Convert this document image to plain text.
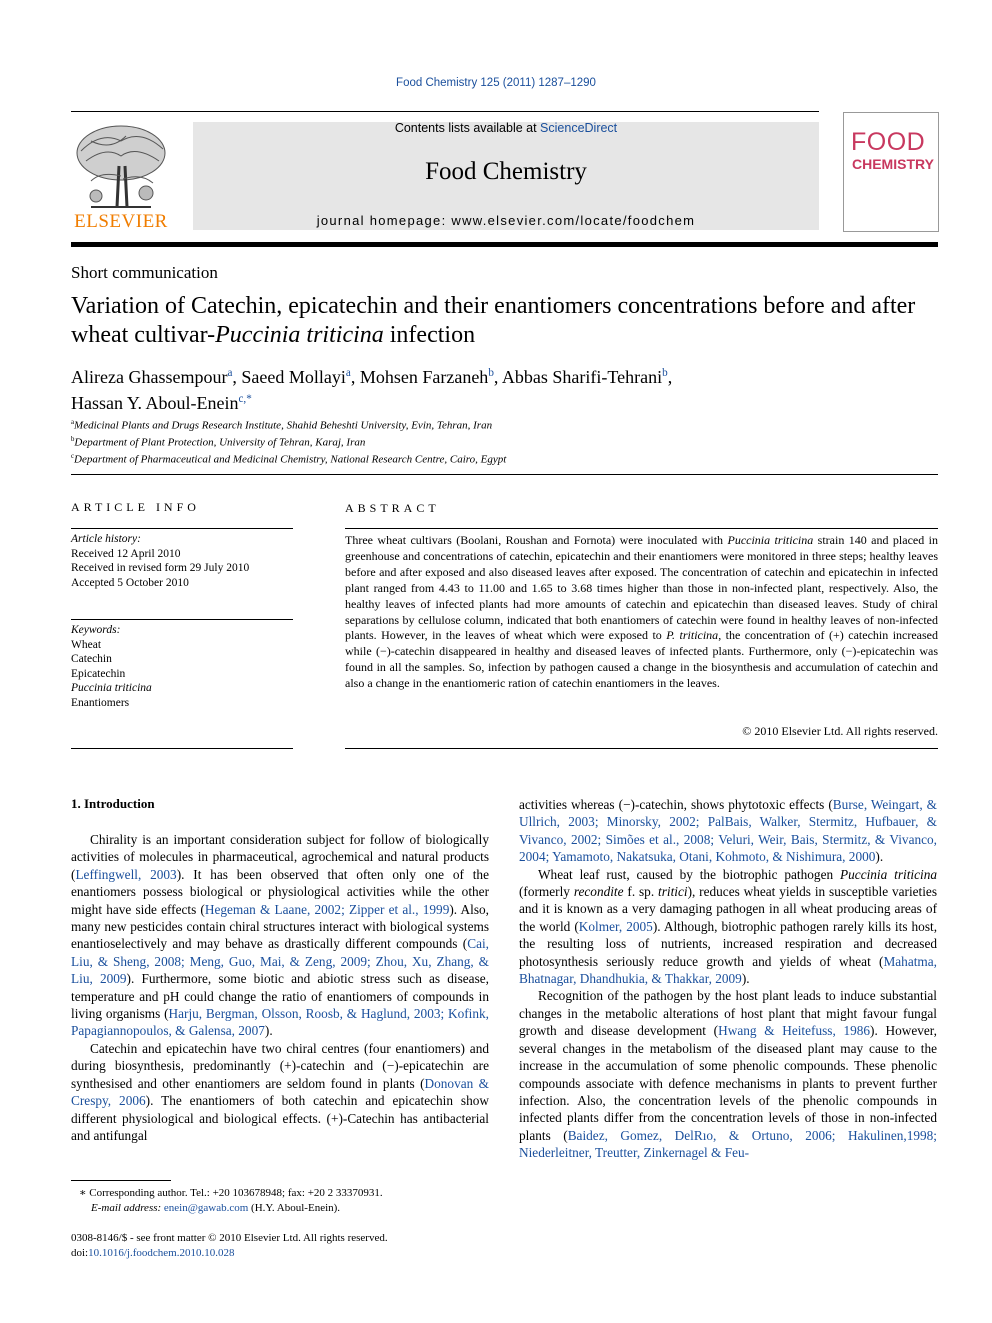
Food Chemistry 125 (2011) 1287–1290
ELSEVIER
Contents lists available at ScienceDirect
Food Chemistry
journal homepage: www.elsevier.com/locate/foodchem
FOOD
CHEMISTRY
Short communication
Variation of Catechin, epicatechin and their enantiomers concentrations before and after wheat cultivar-Puccinia triticina infection
Alireza Ghassempour$^a$, Saeed Mollayi$^a$, Mohsen Farzaneh$^b$, Abbas Sharifi-Tehrani$^b$,
Hassan Y. Aboul-Enein$^{c,*}$
$^a$Medicinal Plants and Drugs Research Institute, Shahid Beheshti University, Evin, Tehran, Iran
$^b$Department of Plant Protection, University of Tehran, Karaj, Iran
$^c$Department of Pharmaceutical and Medicinal Chemistry, National Research Centre, Cairo, Egypt
ARTICLE INFO
Article history:
Received 12 April 2010
Received in revised form 29 July 2010
Accepted 5 October 2010
Keywords:
Wheat
Catechin
Epicatechin
Puccinia triticina
Enantiomers
ABSTRACT
Three wheat cultivars (Boolani, Roushan and Fornota) were inoculated with Puccinia triticina strain 140 and placed in greenhouse and concentrations of catechin, epicatechin and their enantiomers were monitored in three steps; healthy leaves before and after exposed and also diseased leaves after exposed. The concentration of catechin and epicatechin in infected plant ranged from 4.43 to 11.00 and 1.65 to 3.68 times higher than those in non-infected plant, respectively. Also, the healthy leaves of infected plants had more amounts of catechin and epicatechin than diseased leaves. Study of chiral separations by cellulose column, indicated that both enantiomers of catechin were found in healthy leaves of non-infected plants. However, in the leaves of wheat which were exposed to P. triticina, the concentration of (+) catechin increased while (−)-catechin disappeared in healthy and diseased leaves of infected plants. Furthermore, only (−)-epicatechin was found in all the samples. So, infection by pathogen caused a change in the biosynthesis and accumulation of catechin and also a change in the enantiomeric ration of catechin enantiomers in the leaves.
© 2010 Elsevier Ltd. All rights reserved.
1. Introduction

Chirality is an important consideration subject for follow of biologically activities of molecules in pharmaceutical, agrochemical and natural products (Leffingwell, 2003). It has been observed that often only one of the enantiomers possess biological or physiological activities while the other might have side effects (Hegeman & Laane, 2002; Zipper et al., 1999). Also, many new pesticides contain chiral structures interact with biological systems enantioselectively and may behave as drastically different compounds (Cai, Liu, & Sheng, 2008; Meng, Guo, Mai, & Zeng, 2009; Zhou, Xu, Zhang, & Liu, 2009). Furthermore, some biotic and abiotic stress such as disease, temperature and pH could change the ratio of enantiomers of compounds in living organisms (Harju, Bergman, Olsson, Roosb, & Haglund, 2003; Kofink, Papagiannopoulos, & Galensa, 2007).

Catechin and epicatechin have two chiral centres (four enantiomers) and during biosynthesis, predominantly (+)-catechin and (−)-epicatechin are synthesised and other enantiomers are seldom found in plants (Donovan & Crespy, 2006). The enantiomers of both catechin and epicatechin show different physiological and biological effects. (+)-Catechin has antibacterial and antifungal

activities whereas (−)-catechin, shows phytotoxic effects (Burse, Weingart, & Ullrich, 2003; Minorsky, 2002; PalBais, Walker, Stermitz, Hufbauer, & Vivanco, 2002; Simões et al., 2008; Veluri, Weir, Bais, Stermitz, & Vivanco, 2004; Yamamoto, Nakatsuka, Otani, Kohmoto, & Nishimura, 2000).

Wheat leaf rust, caused by the biotrophic pathogen Puccinia triticina (formerly recondite f. sp. tritici), reduces wheat yields in susceptible varieties and it is known as a very damaging pathogen in all wheat producing areas of the world (Kolmer, 2005). Although, biotrophic pathogen rarely kills its host, the resulting loss of nutrients, increased respiration and decreased photosynthesis seriously reduce growth and yields of wheat (Mahatma, Bhatnagar, Dhandhukia, & Thakkar, 2009).

Recognition of the pathogen by the host plant leads to induce substantial changes in the metabolic alterations of host plant that might favour fungal growth and disease development (Hwang & Heitefuss, 1986). However, several changes in the metabolism of the diseased plant may cause to the increase in the accumulation of some phenolic compounds. These phenolic compounds associate with defence mechanisms in plants to prevent further infection. Also, the concentration levels of the phenolic compounds in infected plants differ from the concentration levels of those in non-infected plants (Baidez, Gomez, DelRıo, & Ortuno, 2006; Hakulinen,1998; Niederleitner, Treutter, Zinkernagel & Feu-

∗ Corresponding author. Tel.: +20 103678948; fax: +20 2 33370931.
E-mail address: enein@gawab.com (H.Y. Aboul-Enein).
0308-8146/$ - see front matter © 2010 Elsevier Ltd. All rights reserved.
doi:10.1016/j.foodchem.2010.10.028
